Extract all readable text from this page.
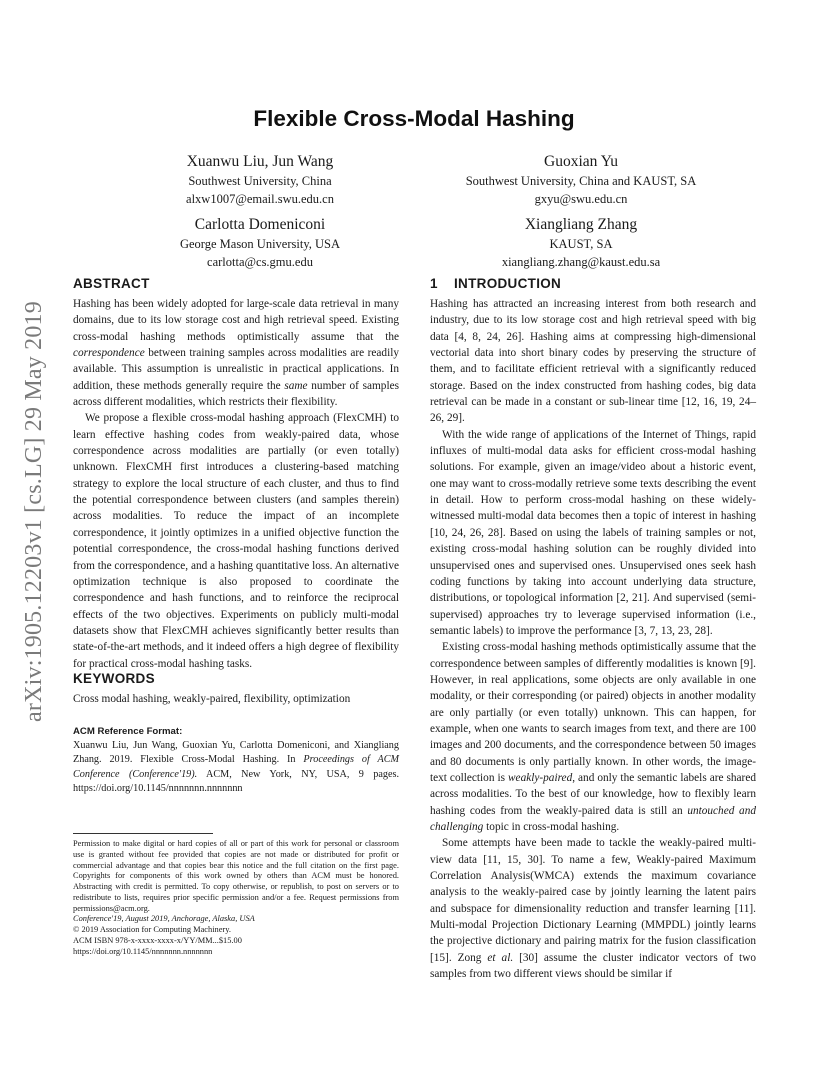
arXiv:1905.12203v1 [cs.LG] 29 May 2019
Flexible Cross-Modal Hashing
Xuanwu Liu, Jun Wang
Southwest University, China
alxw1007@email.swu.edu.cn
Guoxian Yu
Southwest University, China and KAUST, SA
gxyu@swu.edu.cn
Carlotta Domeniconi
George Mason University, USA
carlotta@cs.gmu.edu
Xiangliang Zhang
KAUST, SA
xiangliang.zhang@kaust.edu.sa
ABSTRACT

Hashing has been widely adopted for large-scale data retrieval in many domains, due to its low storage cost and high retrieval speed. Existing cross-modal hashing methods optimistically assume that the correspondence between training samples across modalities are readily available. This assumption is unrealistic in practical applications. In addition, these methods generally require the same number of samples across different modalities, which restricts their flexibility.

We propose a flexible cross-modal hashing approach (FlexCMH) to learn effective hashing codes from weakly-paired data, whose correspondence across modalities are partially (or even totally) unknown. FlexCMH first introduces a clustering-based matching strategy to explore the local structure of each cluster, and thus to find the potential correspondence between clusters (and samples therein) across modalities. To reduce the impact of an incomplete correspondence, it jointly optimizes in a unified objective function the potential correspondence, the cross-modal hashing functions derived from the correspondence, and a hashing quantitative loss. An alternative optimization technique is also proposed to coordinate the correspondence and hash functions, and to reinforce the reciprocal effects of the two objectives. Experiments on publicly multi-modal datasets show that FlexCMH achieves significantly better results than state-of-the-art methods, and it indeed offers a high degree of flexibility for practical cross-modal hashing tasks.

KEYWORDS
Cross modal hashing, weakly-paired, flexibility, optimization
ACM Reference Format:
Xuanwu Liu, Jun Wang, Guoxian Yu, Carlotta Domeniconi, and Xiangliang Zhang. 2019. Flexible Cross-Modal Hashing. In Proceedings of ACM Conference (Conference'19). ACM, New York, NY, USA, 9 pages. https://doi.org/10.1145/nnnnnnn.nnnnnnn

Permission to make digital or hard copies of all or part of this work for personal or classroom use is granted without fee provided that copies are not made or distributed for profit or commercial advantage and that copies bear this notice and the full citation on the first page. Copyrights for components of this work owned by others than ACM must be honored. Abstracting with credit is permitted. To copy otherwise, or republish, to post on servers or to redistribute to lists, requires prior specific permission and/or a fee. Request permissions from permissions@acm.org.

Conference'19, August 2019, Anchorage, Alaska, USA

© 2019 Association for Computing Machinery.

ACM ISBN 978-x-xxxx-xxxx-x/YY/MM...$15.00

https://doi.org/10.1145/nnnnnnn.nnnnnnn

1 INTRODUCTION

Hashing has attracted an increasing interest from both research and industry, due to its low storage cost and high retrieval speed with big data [4, 8, 24, 26]. Hashing aims at compressing high-dimensional vectorial data into short binary codes by preserving the structure of them, and to facilitate efficient retrieval with a significantly reduced storage. Based on the index constructed from hashing codes, big data retrieval can be made in a constant or sub-linear time [12, 16, 19, 24–26, 29].

With the wide range of applications of the Internet of Things, rapid influxes of multi-modal data asks for efficient cross-modal hashing solutions. For example, given an image/video about a historic event, one may want to cross-modally retrieve some texts describing the event in detail. How to perform cross-modal hashing on these widely-witnessed multi-modal data becomes then a topic of interest in hashing [10, 24, 26, 28]. Based on using the labels of training samples or not, existing cross-modal hashing solution can be roughly divided into unsupervised ones and supervised ones. Unsupervised ones seek hash coding functions by taking into account underlying data structure, distributions, or topological information [2, 21]. And supervised (semi-supervised) approaches try to leverage supervised information (i.e., semantic labels) to improve the performance [3, 7, 13, 23, 28].

Existing cross-modal hashing methods optimistically assume that the correspondence between samples of differently modalities is known [9]. However, in real applications, some objects are only available in one modality, or their corresponding (or paired) objects in another modality are only partially (or even totally) unknown. This can happen, for example, when one wants to search images from text, and there are 100 images and 200 documents, and the correspondence between 50 images and 80 documents is only partially known. In other words, the image-text collection is weakly-paired, and only the semantic labels are shared across modalities. To the best of our knowledge, how to flexibly learn hashing codes from the weakly-paired data is still an untouched and challenging topic in cross-modal hashing.

Some attempts have been made to tackle the weakly-paired multi-view data [11, 15, 30]. To name a few, Weakly-paired Maximum Correlation Analysis(WMCA) extends the maximum covariance analysis to the weakly-paired case by jointly learning the latent pairs and subspace for dimensionality reduction and transfer learning [11]. Multi-modal Projection Dictionary Learning (MMPDL) jointly learns the projective dictionary and pairing matrix for the fusion classification [15]. Zong et al. [30] assume the cluster indicator vectors of two samples from two different views should be similar if
